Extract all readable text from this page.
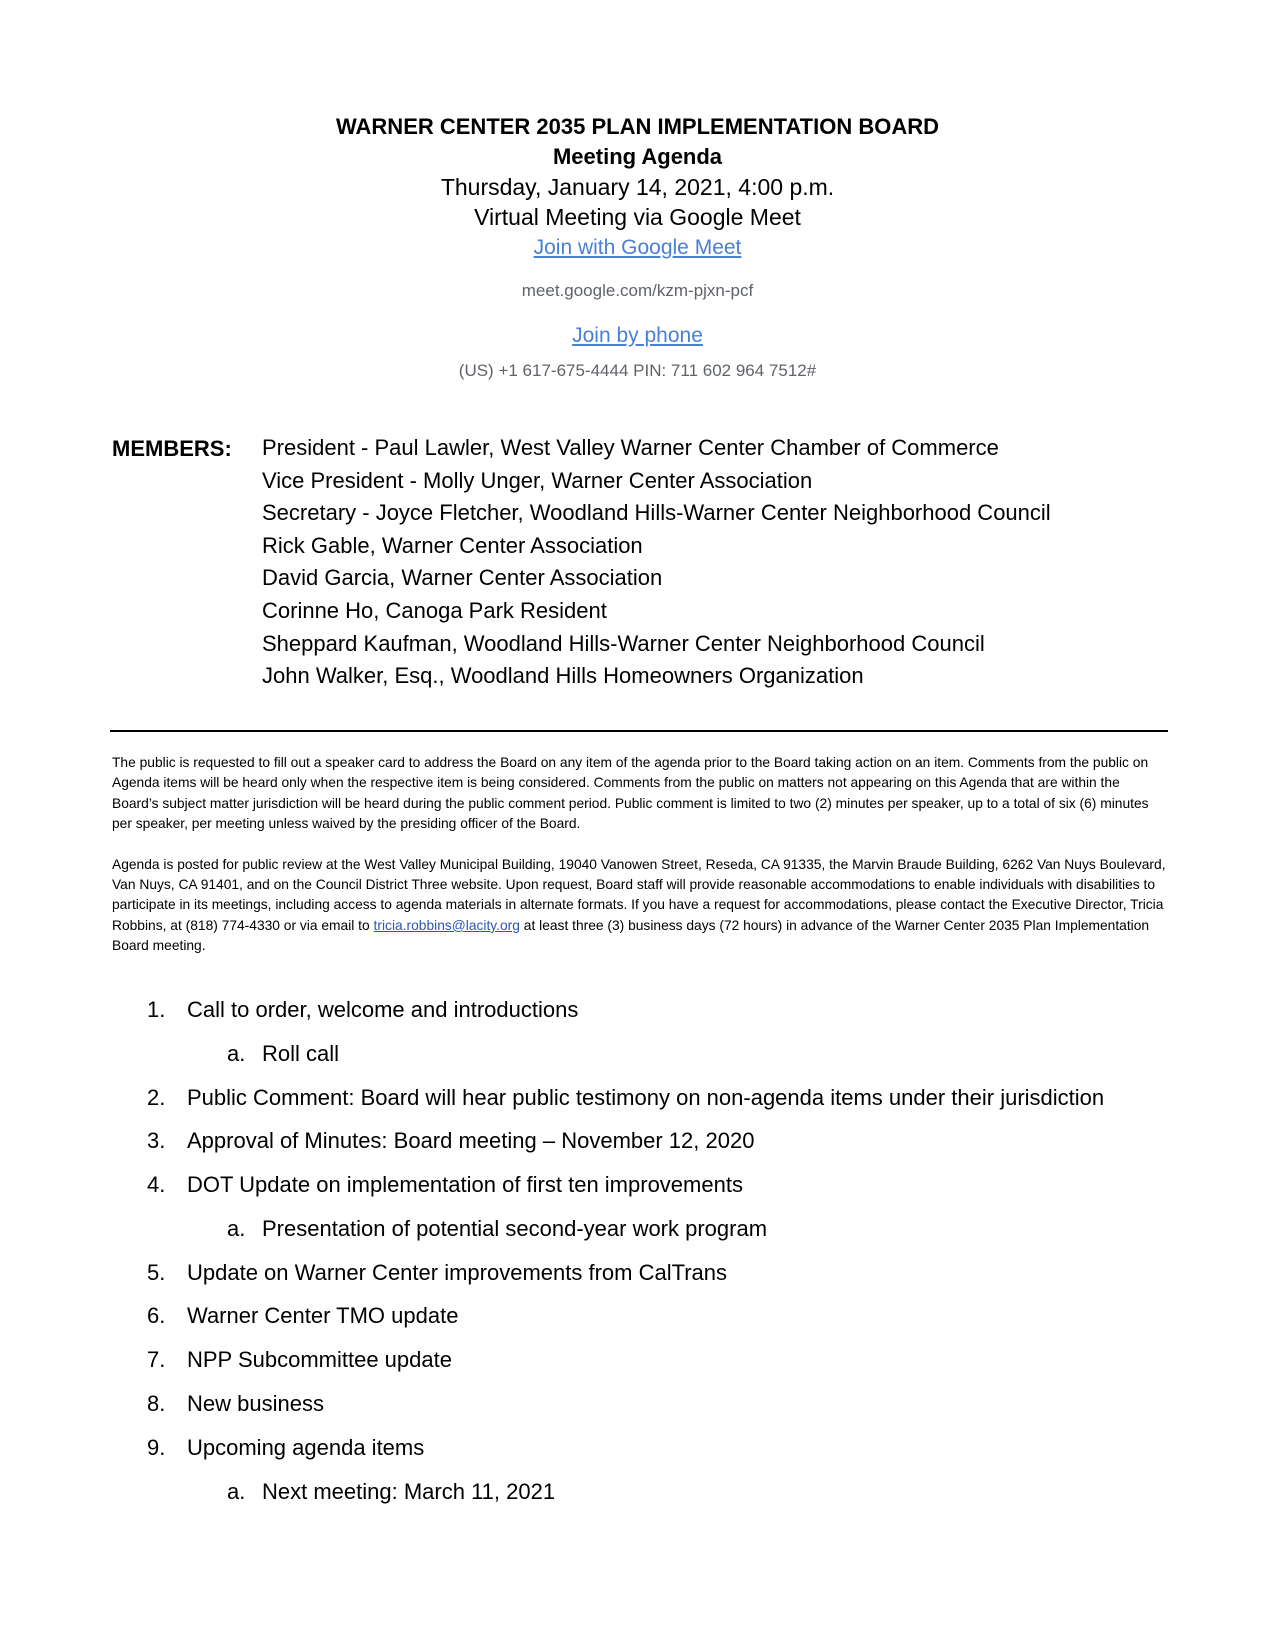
WARNER CENTER 2035 PLAN IMPLEMENTATION BOARD
Meeting Agenda
Thursday, January 14, 2021, 4:00 p.m.
Virtual Meeting via Google Meet
Join with Google Meet
meet.google.com/kzm-pjxn-pcf
Join by phone
(US) +1 617-675-4444 PIN: 711 602 964 7512#
MEMBERS: President - Paul Lawler, West Valley Warner Center Chamber of Commerce
Vice President - Molly Unger, Warner Center Association
Secretary - Joyce Fletcher, Woodland Hills-Warner Center Neighborhood Council
Rick Gable, Warner Center Association
David Garcia, Warner Center Association
Corinne Ho, Canoga Park Resident
Sheppard Kaufman, Woodland Hills-Warner Center Neighborhood Council
John Walker, Esq., Woodland Hills Homeowners Organization

The public is requested to fill out a speaker card to address the Board on any item of the agenda prior to the Board taking action on an item. Comments from the public on Agenda items will be heard only when the respective item is being considered. Comments from the public on matters not appearing on this Agenda that are within the Board’s subject matter jurisdiction will be heard during the public comment period. Public comment is limited to two (2) minutes per speaker, up to a total of six (6) minutes per speaker, per meeting unless waived by the presiding officer of the Board.

Agenda is posted for public review at the West Valley Municipal Building, 19040 Vanowen Street, Reseda, CA 91335, the Marvin Braude Building, 6262 Van Nuys Boulevard, Van Nuys, CA 91401, and on the Council District Three website. Upon request, Board staff will provide reasonable accommodations to enable individuals with disabilities to participate in its meetings, including access to agenda materials in alternate formats. If you have a request for accommodations, please contact the Executive Director, Tricia Robbins, at (818) 774-4330 or via email to tricia.robbins@lacity.org at least three (3) business days (72 hours) in advance of the Warner Center 2035 Plan Implementation Board meeting.

1. Call to order, welcome and introductions
a. Roll call
2. Public Comment: Board will hear public testimony on non-agenda items under their jurisdiction
3. Approval of Minutes: Board meeting – November 12, 2020
4. DOT Update on implementation of first ten improvements
a. Presentation of potential second-year work program
5. Update on Warner Center improvements from CalTrans
6. Warner Center TMO update
7. NPP Subcommittee update
8. New business
9. Upcoming agenda items
a. Next meeting: March 11, 2021
